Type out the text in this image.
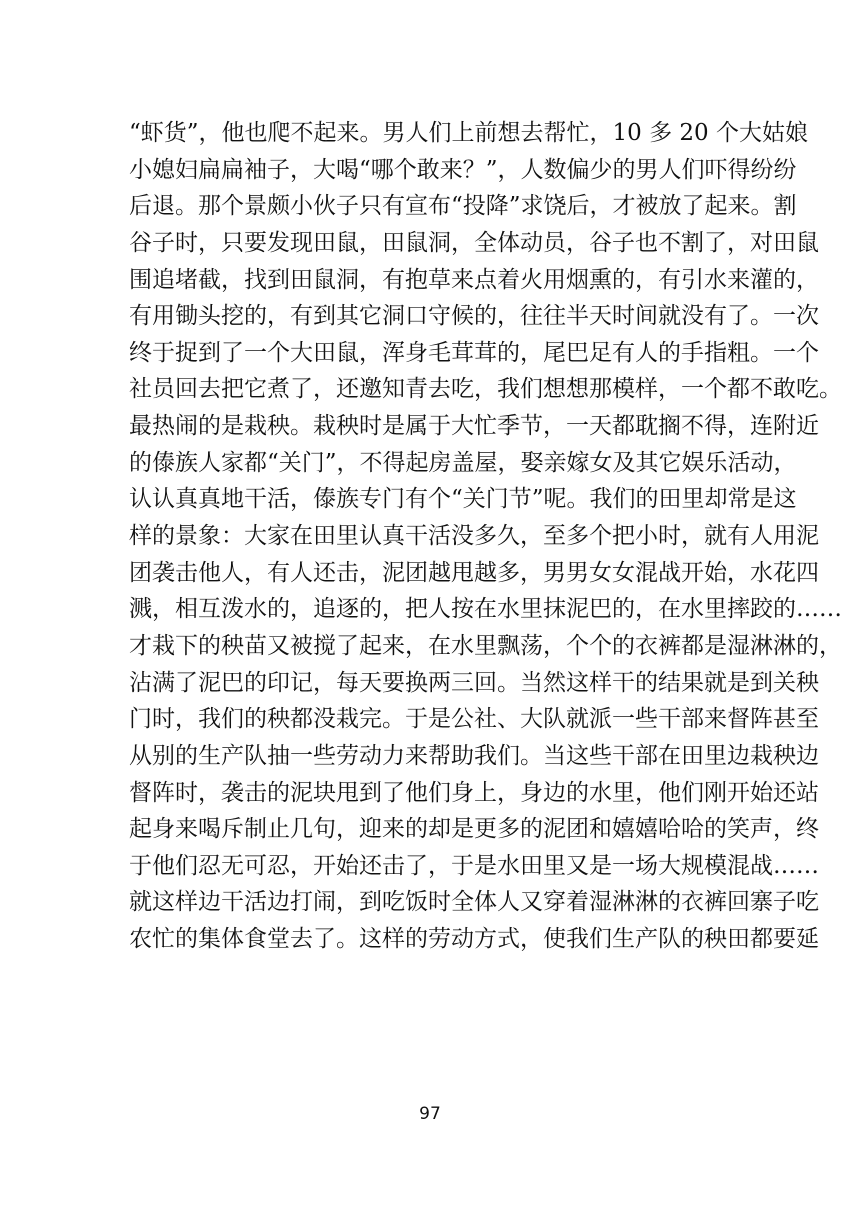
“虾货”，他也爬不起来。男人们上前想去帮忙，10 多 20 个大姑娘
小媳妇扁扁袖子，大喝“哪个敢来？”，人数偏少的男人们吓得纷纷
后退。那个景颇小伙子只有宣布“投降”求饶后，才被放了起来。割
谷子时，只要发现田鼠，田鼠洞，全体动员，谷子也不割了，对田鼠
围追堵截，找到田鼠洞，有抱草来点着火用烟熏的，有引水来灌的，
有用锄头挖的，有到其它洞口守候的，往往半天时间就没有了。一次
终于捉到了一个大田鼠，浑身毛茸茸的，尾巴足有人的手指粗。一个
社员回去把它煮了，还邀知青去吃，我们想想那模样，一个都不敢吃。
最热闹的是栽秧。栽秧时是属于大忙季节，一天都耽搁不得，连附近
的傣族人家都“关门”，不得起房盖屋，娶亲嫁女及其它娱乐活动，
认认真真地干活，傣族专门有个“关门节”呢。我们的田里却常是这
样的景象：大家在田里认真干活没多久，至多个把小时，就有人用泥
团袭击他人，有人还击，泥团越甩越多，男男女女混战开始，水花四
溅，相互泼水的，追逐的，把人按在水里抹泥巴的，在水里摔跤的……
才栽下的秧苗又被搅了起来，在水里飘荡，个个的衣裤都是湿淋淋的，
沾满了泥巴的印记，每天要换两三回。当然这样干的结果就是到关秧
门时，我们的秧都没栽完。于是公社、大队就派一些干部来督阵甚至
从别的生产队抽一些劳动力来帮助我们。当这些干部在田里边栽秧边
督阵时，袭击的泥块甩到了他们身上，身边的水里，他们刚开始还站
起身来喝斥制止几句，迎来的却是更多的泥团和嬉嬉哈哈的笑声，终
于他们忍无可忍，开始还击了，于是水田里又是一场大规模混战……
就这样边干活边打闹，到吃饭时全体人又穿着湿淋淋的衣裤回寨子吃
农忙的集体食堂去了。这样的劳动方式，使我们生产队的秧田都要延
97
